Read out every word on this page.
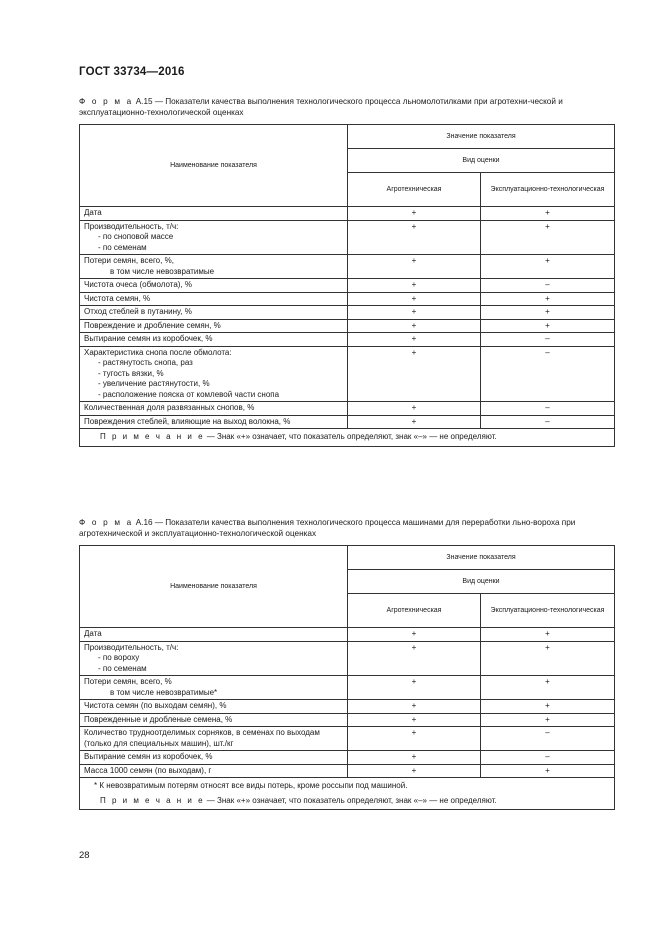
ГОСТ 33734—2016
Ф о р м а А.15 — Показатели качества выполнения технологического процесса льномолотилками при агротехни-ческой и эксплуатационно-технологической оценках
Наименование показателя	Значение показателя	
	Вид оценки	
	Агротехническая	Эксплуатационно-технологическая
Дата	+	+
Производительность, т/ч:
- по сноповой массе
- по семенам	+	+
Потери семян, всего, %,
в том числе невозвратимые	+	+
Чистота очеса (обмолота), %	+	–
Чистота семян, %	+	+
Отход стеблей в путанину, %	+	+
Повреждение и дробление семян, %	+	+
Вытирание семян из коробочек, %	+	–
Характеристика снопа после обмолота:
- растянутость снопа, раз
- тугость вязки, %
- увеличение растянутости, %
- расположение пояска от комлевой части снопа	+	–
Количественная доля развязанных снопов, %	+	–
Повреждения стеблей, влияющие на выход волокна, %	+	–
П р и м е ч а н и е — Знак «+» означает, что показатель определяют, знак «–» — не определяют.		
Ф о р м а А.16 — Показатели качества выполнения технологического процесса машинами для переработки льно-вороха при агротехнической и эксплуатационно-технологической оценках
Наименование показателя	Значение показателя	
	Вид оценки	
	Агротехническая	Эксплуатационно-технологическая
Дата	+	+
Производительность, т/ч:
- по вороху
- по семенам	+	+
Потери семян, всего, %
в том числе невозвратимые*	+	+
Чистота семян (по выходам семян), %	+	+
Поврежденные и дробленые семена, %	+	+
Количество трудноотделимых сорняков, в семенах по выходам (только для специальных машин), шт./кг	+	–
Вытирание семян из коробочек, %	+	–
Масса 1000 семян (по выходам), г	+	+

* К невозвратимым потерям относят все виды потерь, кроме россыпи под машиной.
П р и м е ч а н и е — Знак «+» означает, что показатель определяют, знак «–» — не определяют.		
28
